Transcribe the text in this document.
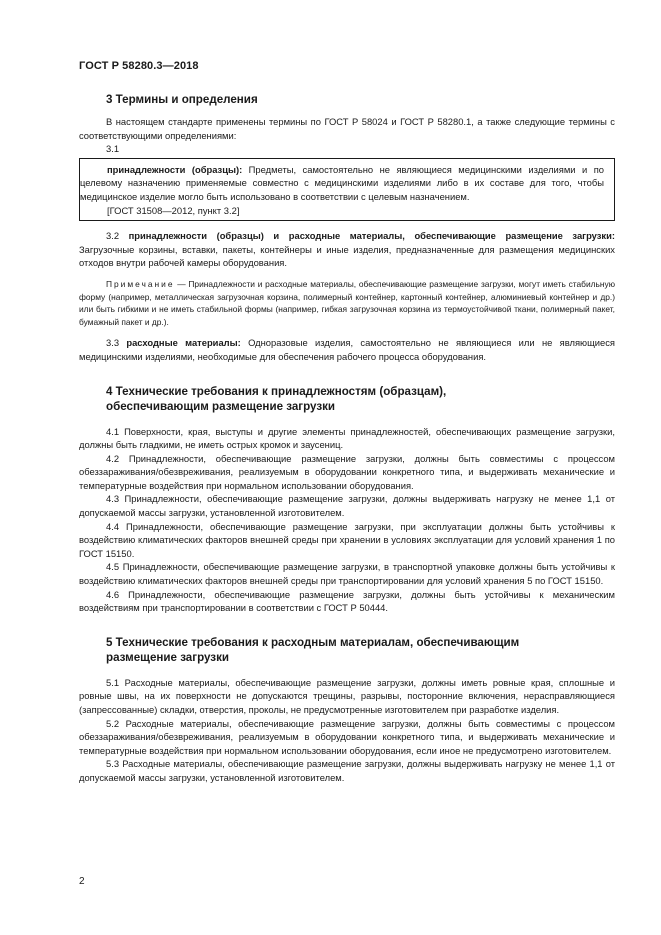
ГОСТ Р 58280.3—2018
3 Термины и определения

В настоящем стандарте применены термины по ГОСТ Р 58024 и ГОСТ Р 58280.1, а также следующие термины с соответствующими определениями:

3.1

принадлежности (образцы): Предметы, самостоятельно не являющиеся медицинскими изделиями и по целевому назначению применяемые совместно с медицинскими изделиями либо в их составе для того, чтобы медицинское изделие могло быть использовано в соответствии с целевым назначением.

[ГОСТ 31508—2012, пункт 3.2]

3.2 принадлежности (образцы) и расходные материалы, обеспечивающие размещение загрузки: Загрузочные корзины, вставки, пакеты, контейнеры и иные изделия, предназначенные для размещения медицинских отходов внутри рабочей камеры оборудования.

Примечание — Принадлежности и расходные материалы, обеспечивающие размещение загрузки, могут иметь стабильную форму (например, металлическая загрузочная корзина, полимерный контейнер, картонный контейнер, алюминиевый контейнер и др.) или быть гибкими и не иметь стабильной формы (например, гибкая загрузочная корзина из термоустойчивой ткани, полимерный пакет, бумажный пакет и др.).

3.3 расходные материалы: Одноразовые изделия, самостоятельно не являющиеся или не являющиеся медицинскими изделиями, необходимые для обеспечения рабочего процесса оборудования.

4 Технические требования к принадлежностям (образцам),
обеспечивающим размещение загрузки

4.1 Поверхности, края, выступы и другие элементы принадлежностей, обеспечивающих размещение загрузки, должны быть гладкими, не иметь острых кромок и заусениц.

4.2 Принадлежности, обеспечивающие размещение загрузки, должны быть совместимы с процессом обеззараживания/обезвреживания, реализуемым в оборудовании конкретного типа, и выдерживать механические и температурные воздействия при нормальном использовании оборудования.

4.3 Принадлежности, обеспечивающие размещение загрузки, должны выдерживать нагрузку не менее 1,1 от допускаемой массы загрузки, установленной изготовителем.

4.4 Принадлежности, обеспечивающие размещение загрузки, при эксплуатации должны быть устойчивы к воздействию климатических факторов внешней среды при хранении в условиях эксплуатации для условий хранения 1 по ГОСТ 15150.

4.5 Принадлежности, обеспечивающие размещение загрузки, в транспортной упаковке должны быть устойчивы к воздействию климатических факторов внешней среды при транспортировании для условий хранения 5 по ГОСТ 15150.

4.6 Принадлежности, обеспечивающие размещение загрузки, должны быть устойчивы к механическим воздействиям при транспортировании в соответствии с ГОСТ Р 50444.

5 Технические требования к расходным материалам, обеспечивающим
размещение загрузки

5.1 Расходные материалы, обеспечивающие размещение загрузки, должны иметь ровные края, сплошные и ровные швы, на их поверхности не допускаются трещины, разрывы, посторонние включения, нерасправляющиеся (запрессованные) складки, отверстия, проколы, не предусмотренные изготовителем при разработке изделия.

5.2 Расходные материалы, обеспечивающие размещение загрузки, должны быть совместимы с процессом обеззараживания/обезвреживания, реализуемым в оборудовании конкретного типа, и выдерживать механические и температурные воздействия при нормальном использовании оборудования, если иное не предусмотрено изготовителем.

5.3 Расходные материалы, обеспечивающие размещение загрузки, должны выдерживать нагрузку не менее 1,1 от допускаемой массы загрузки, установленной изготовителем.

2
